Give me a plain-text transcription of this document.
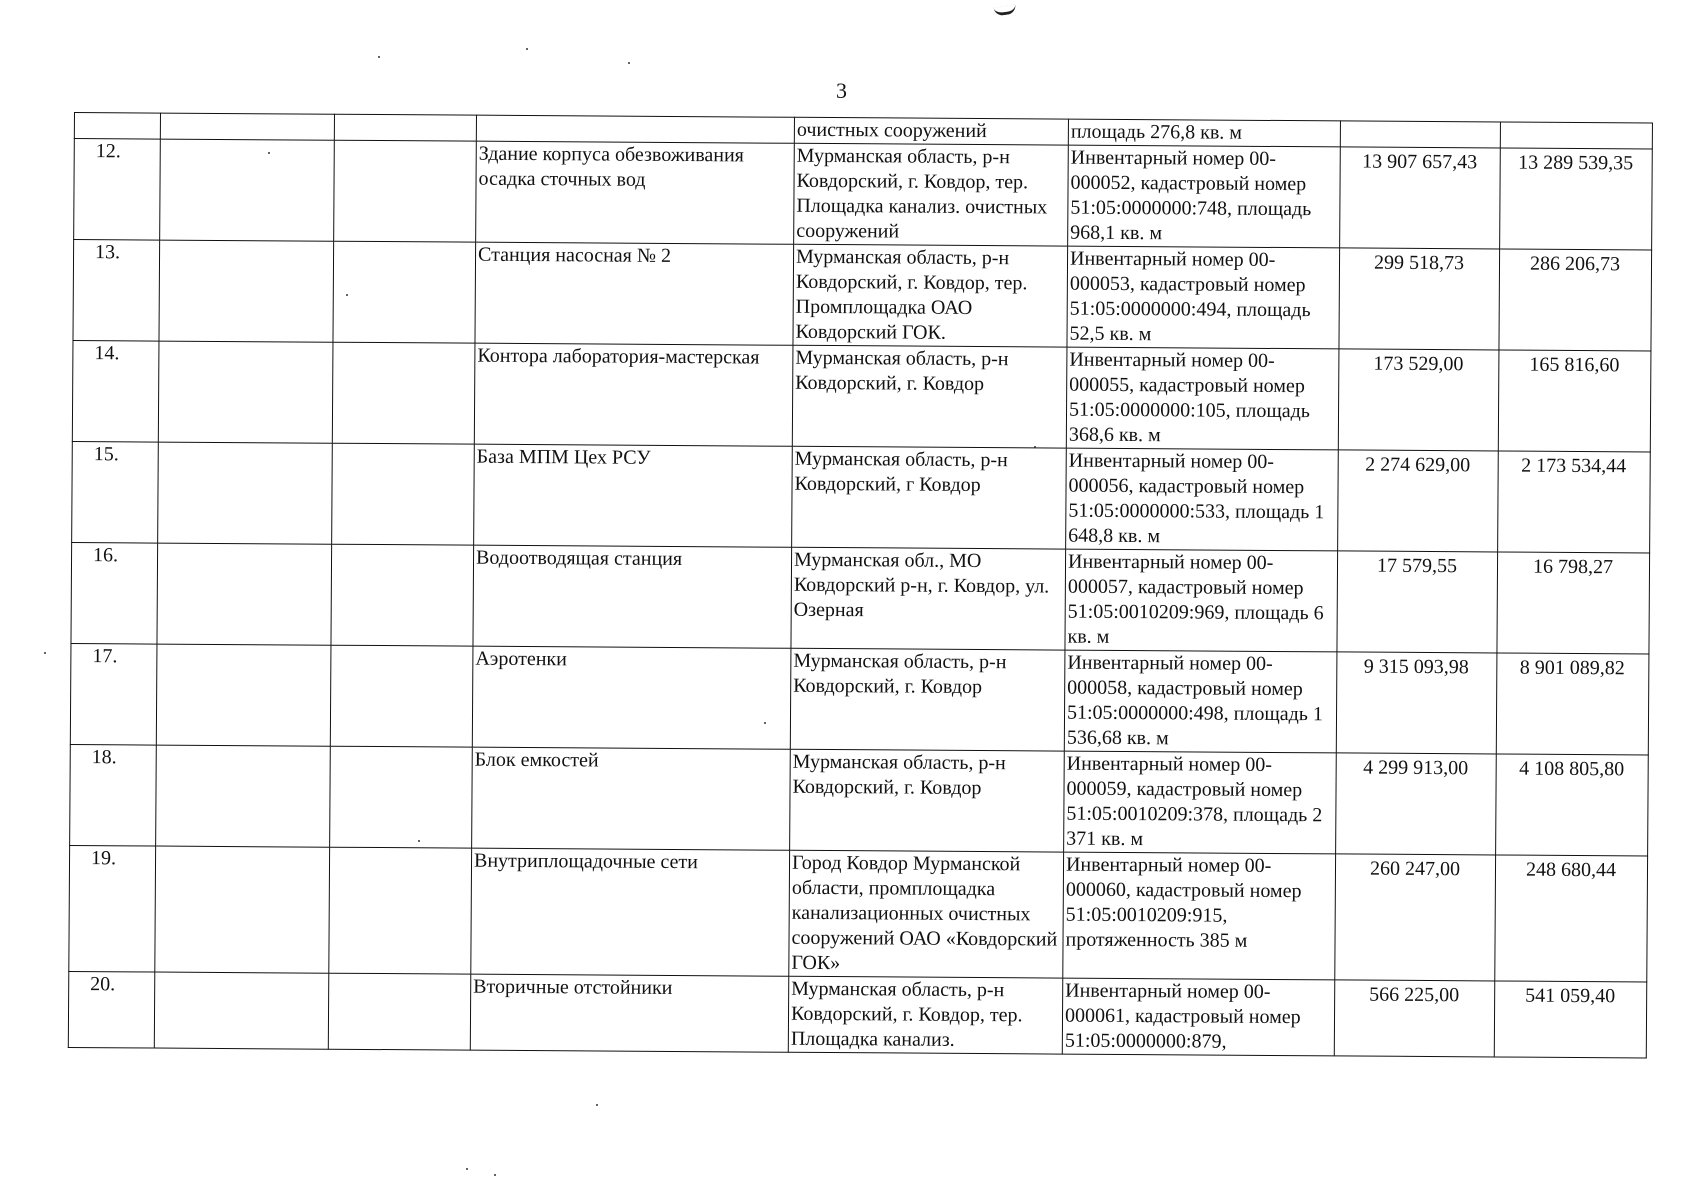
3

				очистных сооружений	площадь 276,8 кв. м		

12.			Здание корпуса обезвоживания осадка сточных вод	Мурманская область, р-н Ковдорский, г. Ковдор, тер. Площадка канализ. очистных сооружений	Инвентарный номер 00-000052, кадастровый номер 51:05:0000000:748, площадь 968,1 кв. м	13 907 657,43	13 289 539,35
13.			Станция насосная № 2	Мурманская область, р-н Ковдорский, г. Ковдор, тер. Промплощадка ОАО Ковдорский ГОК.	Инвентарный номер 00-000053, кадастровый номер 51:05:0000000:494, площадь 52,5 кв. м	299 518,73	286 206,73
14.			Контора лаборатория-мастерская	Мурманская область, р-н Ковдорский, г. Ковдор	Инвентарный номер 00-000055, кадастровый номер 51:05:0000000:105, площадь 368,6 кв. м	173 529,00	165 816,60
15.			База МПМ Цех РСУ	Мурманская область, р-н Ковдорский, г Ковдор	Инвентарный номер 00-000056, кадастровый номер 51:05:0000000:533, площадь 1 648,8 кв. м	2 274 629,00	2 173 534,44
16.			Водоотводящая станция	Мурманская обл., МО Ковдорский р-н, г. Ковдор, ул. Озерная	Инвентарный номер 00-000057, кадастровый номер 51:05:0010209:969, площадь 6 кв. м	17 579,55	16 798,27
17.			Аэротенки	Мурманская область, р-н Ковдорский, г. Ковдор	Инвентарный номер 00-000058, кадастровый номер 51:05:0000000:498, площадь 1 536,68 кв. м	9 315 093,98	8 901 089,82
18.			Блок емкостей	Мурманская область, р-н Ковдорский, г. Ковдор	Инвентарный номер 00-000059, кадастровый номер 51:05:0010209:378, площадь 2 371 кв. м	4 299 913,00	4 108 805,80
19.			Внутриплощадочные сети	Город Ковдор Мурманской области, промплощадка канализационных очистных сооружений ОАО «Ковдорский ГОК»	Инвентарный номер 00-000060, кадастровый номер 51:05:0010209:915, протяженность 385 м	260 247,00	248 680,44
20.			Вторичные отстойники	Мурманская область, р-н Ковдорский, г. Ковдор, тер. Площадка канализ.	Инвентарный номер 00-000061, кадастровый номер 51:05:0000000:879,	566 225,00	541 059,40
